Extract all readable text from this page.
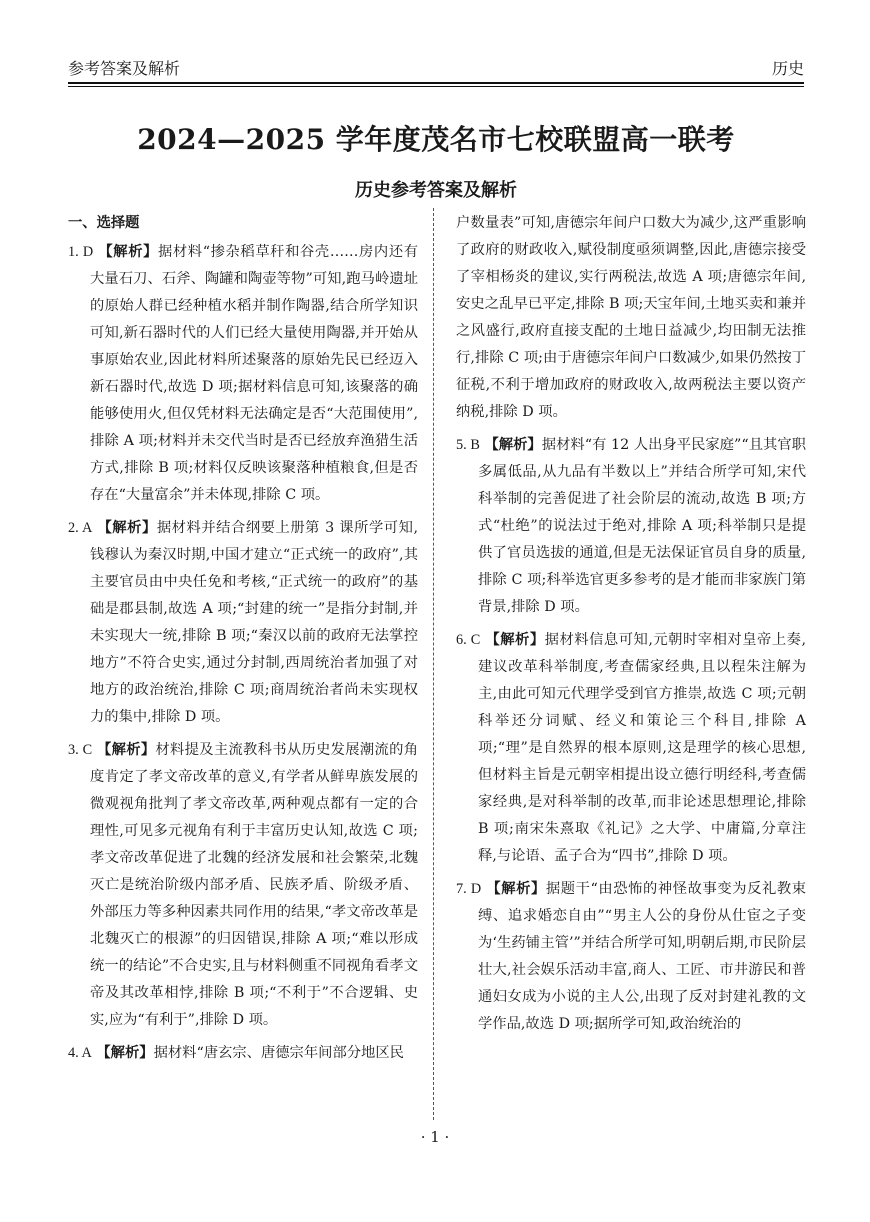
参考答案及解析	历史
2024—2025 学年度茂名市七校联盟高一联考
历史参考答案及解析
一、选择题

1. D 【解析】据材料“掺杂稻草秆和谷壳……房内还有大量石刀、石斧、陶罐和陶壶等物”可知,跑马岭遗址的原始人群已经种植水稻并制作陶器,结合所学知识可知,新石器时代的人们已经大量使用陶器,并开始从事原始农业,因此材料所述聚落的原始先民已经迈入新石器时代,故选 D 项;据材料信息可知,该聚落的确能够使用火,但仅凭材料无法确定是否“大范围使用”,排除 A 项;材料并未交代当时是否已经放弃渔猎生活方式,排除 B 项;材料仅反映该聚落种植粮食,但是否存在“大量富余”并未体现,排除 C 项。

2. A 【解析】据材料并结合纲要上册第 3 课所学可知,钱穆认为秦汉时期,中国才建立“正式统一的政府”,其主要官员由中央任免和考核,“正式统一的政府”的基础是郡县制,故选 A 项;“封建的统一”是指分封制,并未实现大一统,排除 B 项;“秦汉以前的政府无法掌控地方”不符合史实,通过分封制,西周统治者加强了对地方的政治统治,排除 C 项;商周统治者尚未实现权力的集中,排除 D 项。

3. C 【解析】材料提及主流教科书从历史发展潮流的角度肯定了孝文帝改革的意义,有学者从鲜卑族发展的微观视角批判了孝文帝改革,两种观点都有一定的合理性,可见多元视角有利于丰富历史认知,故选 C 项;孝文帝改革促进了北魏的经济发展和社会繁荣,北魏灭亡是统治阶级内部矛盾、民族矛盾、阶级矛盾、外部压力等多种因素共同作用的结果,“孝文帝改革是北魏灭亡的根源”的归因错误,排除 A 项;“难以形成统一的结论”不合史实,且与材料侧重不同视角看孝文帝及其改革相悖,排除 B 项;“不利于”不合逻辑、史实,应为“有利于”,排除 D 项。

4. A 【解析】据材料“唐玄宗、唐德宗年间部分地区民

户数量表”可知,唐德宗年间户口数大为减少,这严重影响了政府的财政收入,赋役制度亟须调整,因此,唐德宗接受了宰相杨炎的建议,实行两税法,故选 A 项;唐德宗年间,安史之乱早已平定,排除 B 项;天宝年间,土地买卖和兼并之风盛行,政府直接支配的土地日益减少,均田制无法推行,排除 C 项;由于唐德宗年间户口数减少,如果仍然按丁征税,不利于增加政府的财政收入,故两税法主要以资产纳税,排除 D 项。

5. B 【解析】据材料“有 12 人出身平民家庭”“且其官职多属低品,从九品有半数以上”并结合所学可知,宋代科举制的完善促进了社会阶层的流动,故选 B 项;方式“杜绝”的说法过于绝对,排除 A 项;科举制只是提供了官员选拔的通道,但是无法保证官员自身的质量,排除 C 项;科举选官更多参考的是才能而非家族门第背景,排除 D 项。

6. C 【解析】据材料信息可知,元朝时宰相对皇帝上奏,建议改革科举制度,考查儒家经典,且以程朱注解为主,由此可知元代理学受到官方推崇,故选 C 项;元朝科举还分词赋、经义和策论三个科目,排除 A 项;“理”是自然界的根本原则,这是理学的核心思想,但材料主旨是元朝宰相提出设立德行明经科,考查儒家经典,是对科举制的改革,而非论述思想理论,排除 B 项;南宋朱熹取《礼记》之大学、中庸篇,分章注释,与论语、孟子合为“四书”,排除 D 项。

7. D 【解析】据题干“由恐怖的神怪故事变为反礼教束缚、追求婚恋自由”“男主人公的身份从仕宦之子变为‘生药铺主管’”并结合所学可知,明朝后期,市民阶层壮大,社会娱乐活动丰富,商人、工匠、市井游民和普通妇女成为小说的主人公,出现了反对封建礼教的文学作品,故选 D 项;据所学可知,政治统治的

· 1 ·
